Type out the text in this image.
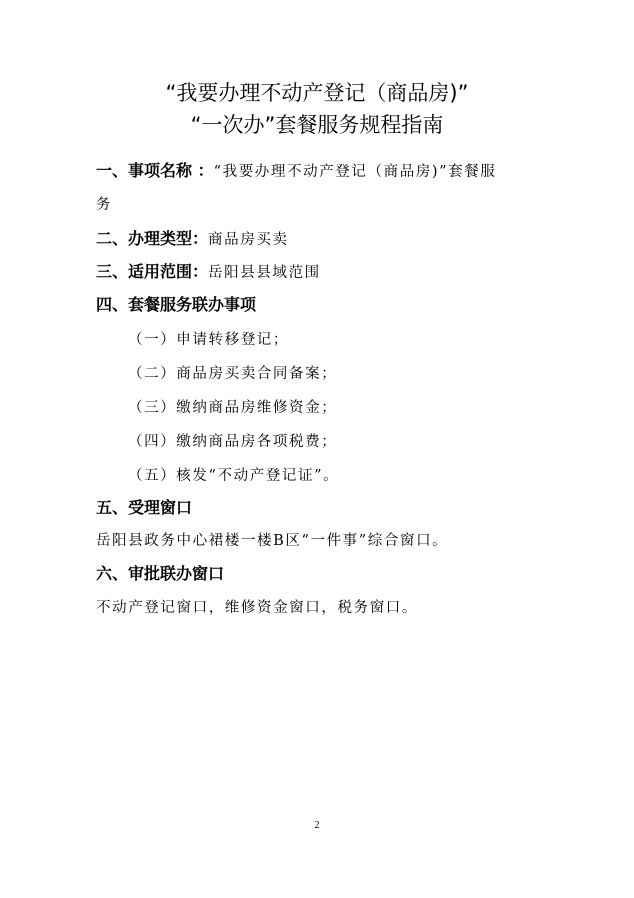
“我要办理不动产登记（商品房)”
“一次办”套餐服务规程指南
一、事项名称 ：“我要办理不动产登记（商品房)”套餐服
务
二、办理类型：商品房买卖
三、适用范围：岳阳县县域范围
四、套餐服务联办事项
（一）申请转移登记；
（二）商品房买卖合同备案；
（三）缴纳商品房维修资金；
（四）缴纳商品房各项税费；
（五）核发“不动产登记证”。
五、受理窗口
岳阳县政务中心裙楼一楼B区“一件事”综合窗口。
六、审批联办窗口
不动产登记窗口，维修资金窗口，税务窗口。
2
